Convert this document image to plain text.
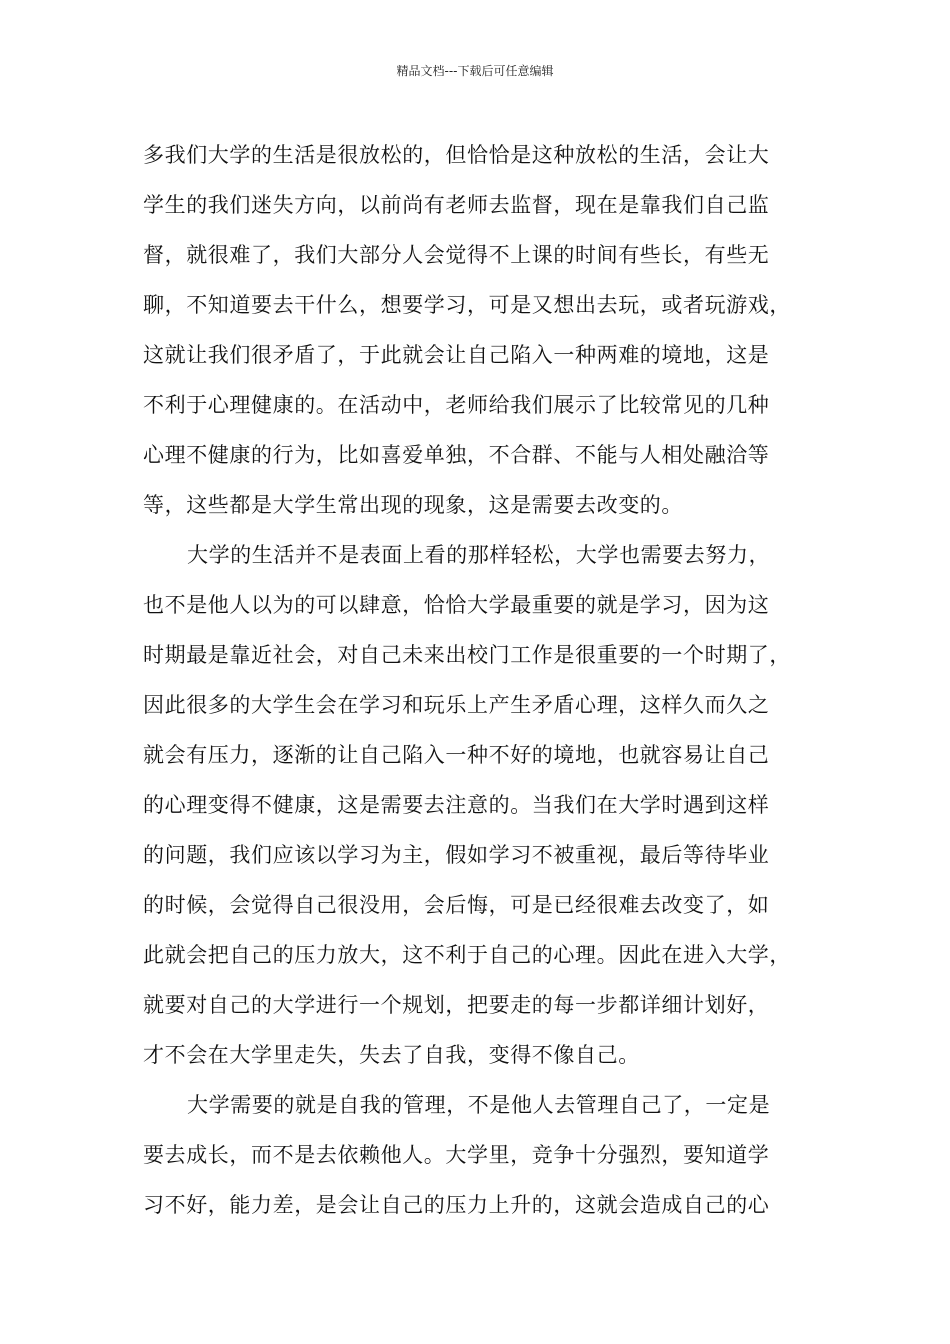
精品文档---下载后可任意编辑
多我们大学的生活是很放松的，但恰恰是这种放松的生活，会让大
学生的我们迷失方向，以前尚有老师去监督，现在是靠我们自己监
督，就很难了，我们大部分人会觉得不上课的时间有些长，有些无
聊，不知道要去干什么，想要学习，可是又想出去玩，或者玩游戏，
这就让我们很矛盾了，于此就会让自己陷入一种两难的境地，这是
不利于心理健康的。在活动中，老师给我们展示了比较常见的几种
心理不健康的行为，比如喜爱单独，不合群、不能与人相处融洽等
等，这些都是大学生常出现的现象，这是需要去改变的。
大学的生活并不是表面上看的那样轻松，大学也需要去努力，
也不是他人以为的可以肆意，恰恰大学最重要的就是学习，因为这
时期最是靠近社会，对自己未来出校门工作是很重要的一个时期了，
因此很多的大学生会在学习和玩乐上产生矛盾心理，这样久而久之
就会有压力，逐渐的让自己陷入一种不好的境地，也就容易让自己
的心理变得不健康，这是需要去注意的。当我们在大学时遇到这样
的问题，我们应该以学习为主，假如学习不被重视，最后等待毕业
的时候，会觉得自己很没用，会后悔，可是已经很难去改变了，如
此就会把自己的压力放大，这不利于自己的心理。因此在进入大学，
就要对自己的大学进行一个规划，把要走的每一步都详细计划好，
才不会在大学里走失，失去了自我，变得不像自己。
大学需要的就是自我的管理，不是他人去管理自己了，一定是
要去成长，而不是去依赖他人。大学里，竞争十分强烈，要知道学
习不好，能力差，是会让自己的压力上升的，这就会造成自己的心
